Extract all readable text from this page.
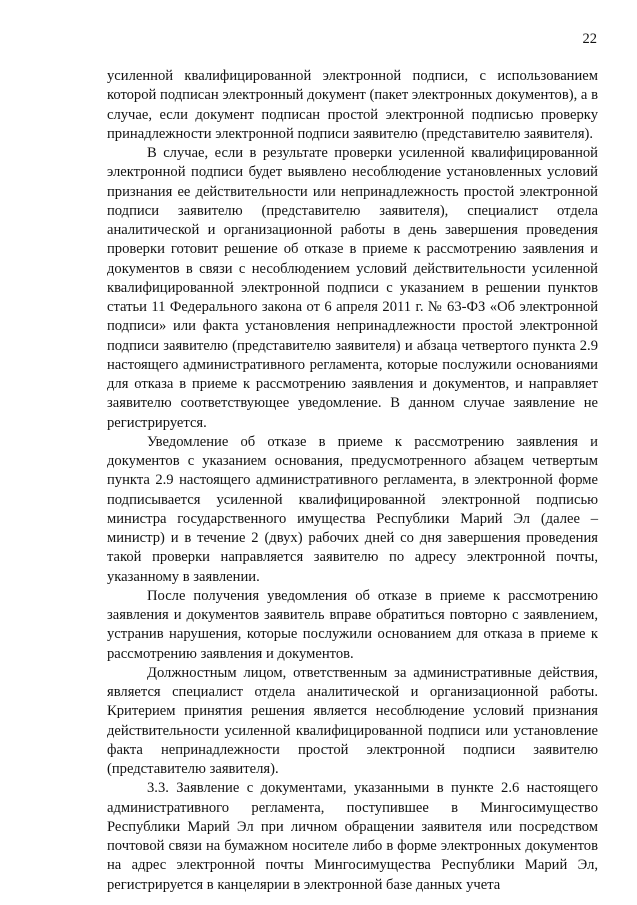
22

усиленной квалифицированной электронной подписи, с использованием которой подписан электронный документ (пакет электронных документов), а в случае, если документ подписан простой электронной подписью проверку принадлежности электронной подписи заявителю (представителю заявителя).

В случае, если в результате проверки усиленной квалифицированной электронной подписи будет выявлено несоблюдение установленных условий признания ее действительности или непринадлежность простой электронной подписи заявителю (представителю заявителя), специалист отдела аналитической и организационной работы в день завершения проведения проверки готовит решение об отказе в приеме к рассмотрению заявления и документов в связи с несоблюдением условий действительности усиленной квалифицированной электронной подписи с указанием в решении пунктов статьи 11 Федерального закона от 6 апреля 2011 г. № 63-ФЗ «Об электронной подписи» или факта установления непринадлежности простой электронной подписи заявителю (представителю заявителя) и абзаца четвертого пункта 2.9 настоящего административного регламента, которые послужили основаниями для отказа в приеме к рассмотрению заявления и документов, и направляет заявителю соответствующее уведомление. В данном случае заявление не регистрируется.

Уведомление об отказе в приеме к рассмотрению заявления и документов с указанием основания, предусмотренного абзацем четвертым пункта 2.9 настоящего административного регламента, в электронной форме подписывается усиленной квалифицированной электронной подписью министра государственного имущества Республики Марий Эл (далее – министр) и в течение 2 (двух) рабочих дней со дня завершения проведения такой проверки направляется заявителю по адресу электронной почты, указанному в заявлении.

После получения уведомления об отказе в приеме к рассмотрению заявления и документов заявитель вправе обратиться повторно с заявлением, устранив нарушения, которые послужили основанием для отказа в приеме к рассмотрению заявления и документов.

Должностным лицом, ответственным за административные действия, является специалист отдела аналитической и организационной работы. Критерием принятия решения является несоблюдение условий признания действительности усиленной квалифицированной подписи или установление факта непринадлежности простой электронной подписи заявителю (представителю заявителя).

3.3. Заявление с документами, указанными в пункте 2.6 настоящего административного регламента, поступившее в Мингосимущество Республики Марий Эл при личном обращении заявителя или посредством почтовой связи на бумажном носителе либо в форме электронных документов на адрес электронной почты Мингосимущества Республики Марий Эл, регистрируется в канцелярии в электронной базе данных учета
